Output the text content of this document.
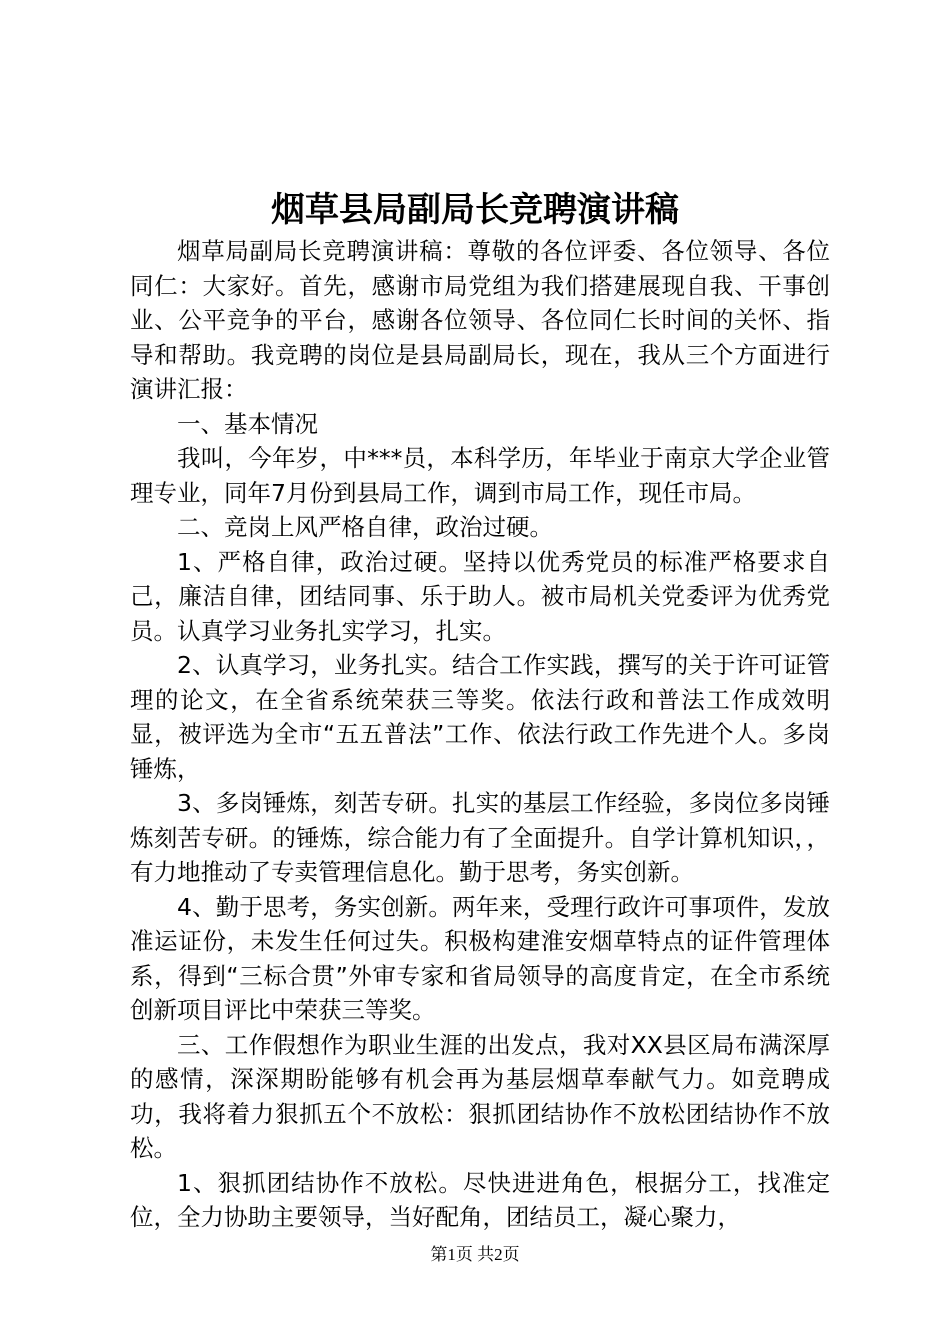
烟草县局副局长竞聘演讲稿

烟草局副局长竞聘演讲稿：尊敬的各位评委、各位领导、各位同仁：大家好。首先，感谢市局党组为我们搭建展现自我、干事创业、公平竞争的平台，感谢各位领导、各位同仁长时间的关怀、指导和帮助。我竞聘的岗位是县局副局长，现在，我从三个方面进行演讲汇报：

一、基本情况

我叫，今年岁，中***员，本科学历，年毕业于南京大学企业管理专业，同年7月份到县局工作，调到市局工作，现任市局。

二、竞岗上风严格自律，政治过硬。

1、严格自律，政治过硬。坚持以优秀党员的标准严格要求自己，廉洁自律，团结同事、乐于助人。被市局机关党委评为优秀党员。认真学习业务扎实学习，扎实。

2、认真学习，业务扎实。结合工作实践，撰写的关于许可证管理的论文，在全省系统荣获三等奖。依法行政和普法工作成效明显，被评选为全市“五五普法”工作、依法行政工作先进个人。多岗锤炼，

3、多岗锤炼，刻苦专研。扎实的基层工作经验，多岗位多岗锤炼刻苦专研。的锤炼，综合能力有了全面提升。自学计算机知识，，有力地推动了专卖管理信息化。勤于思考，务实创新。

4、勤于思考，务实创新。两年来，受理行政许可事项件，发放准运证份，未发生任何过失。积极构建淮安烟草特点的证件管理体系，得到“三标合贯”外审专家和省局领导的高度肯定，在全市系统创新项目评比中荣获三等奖。

三、工作假想作为职业生涯的出发点，我对XX县区局布满深厚的感情，深深期盼能够有机会再为基层烟草奉献气力。如竞聘成功，我将着力狠抓五个不放松：狠抓团结协作不放松团结协作不放松。

1、狠抓团结协作不放松。尽快进进角色，根据分工，找准定位，全力协助主要领导，当好配角，团结员工，凝心聚力，

第1页 共2页
